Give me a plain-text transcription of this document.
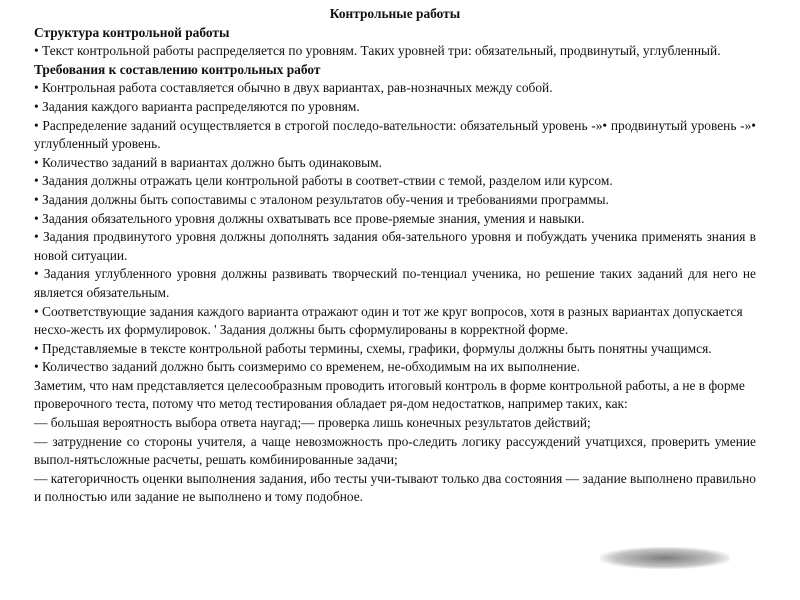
Контрольные работы

Структура контрольной работы

• Текст контрольной работы распределяется по уровням. Таких уровней три: обязательный, продвинутый, углубленный.

Требования к составлению контрольных работ

• Контрольная работа составляется обычно в двух вариантах, рав-нозначных между собой.

• Задания каждого варианта распределяются по уровням.

• Распределение заданий осуществляется в строгой последо-вательности: обязательный уровень -»• продвинутый уровень -»• углубленный уровень.

• Количество заданий в вариантах должно быть одинаковым.

• Задания должны отражать цели контрольной работы в соответ-ствии с темой, разделом или курсом.

• Задания должны быть сопоставимы с эталоном результатов обу-чения и требованиями программы.

• Задания обязательного уровня должны охватывать все прове-ряемые знания, умения и навыки.

• Задания продвинутого уровня должны дополнять задания обя-зательного уровня и побуждать ученика применять знания в новой ситуации.

• Задания углубленного уровня должны развивать творческий по-тенциал ученика, но решение таких заданий для него не является обязательным.

• Соответствующие задания каждого варианта отражают один и тот же круг вопросов, хотя в разных вариантах допускается несхо-жесть их формулировок. ' Задания должны быть сформулированы в корректной форме.

• Представляемые в тексте контрольной работы термины, схемы, графики, формулы должны быть понятны учащимся.

• Количество заданий должно быть соизмеримо со временем, не-обходимым на их выполнение.

Заметим, что нам представляется целесообразным проводить итоговый контроль в форме контрольной работы, а не в форме

проверочного теста, потому что метод тестирования обладает ря-дом недостатков, например таких, как:

— большая вероятность выбора ответа наугад;— проверка лишь конечных результатов действий;

— затруднение со стороны учителя, а чаще невозможность про-следить логику рассуждений учатцихся, проверить умение выпол-нятьсложные расчеты, решать комбинированные задачи;

— категоричность оценки выполнения задания, ибо тесты учи-тывают только два состояния — задание выполнено правильно и полностью или задание не выполнено и тому подобное.
